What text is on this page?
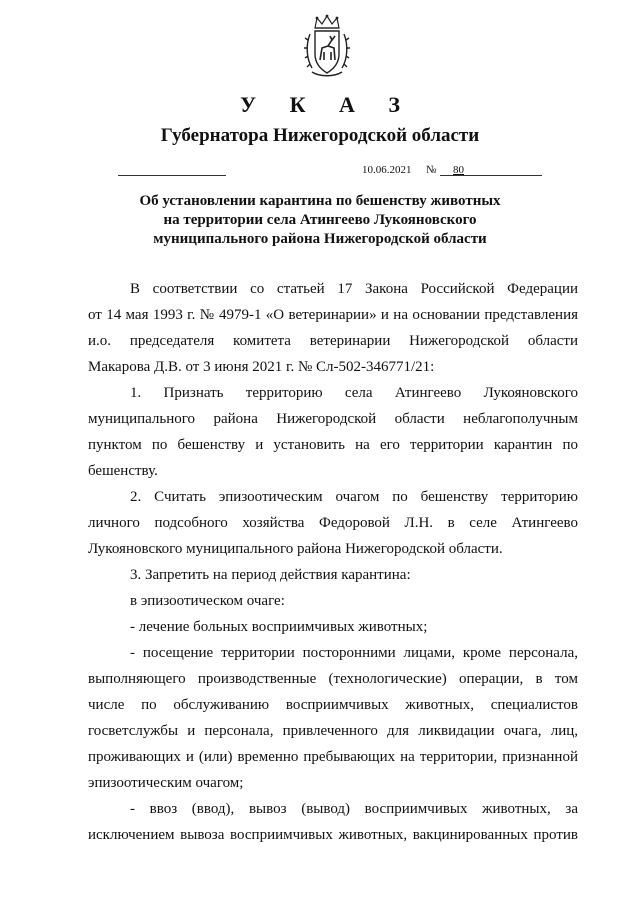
У К А З
Губернатора Нижегородской области
10.06.2021 № 80
Об установлении карантина по бешенству животных
на территории села Атингеево Лукояновского
муниципального района Нижегородской области
В соответствии со статьей 17 Закона Российской Федерации
от 14 мая 1993 г. № 4979-1 «О ветеринарии» и на основании представления
и.о. председателя комитета ветеринарии Нижегородской области
Макарова Д.В. от 3 июня 2021 г. № Сл-502-346771/21:
1. Признать территорию села Атингеево Лукояновского
муниципального района Нижегородской области неблагополучным
пунктом по бешенству и установить на его территории карантин по
бешенству.
2. Считать эпизоотическим очагом по бешенству территорию
личного подсобного хозяйства Федоровой Л.Н. в селе Атингеево
Лукояновского муниципального района Нижегородской области.
3. Запретить на период действия карантина:
в эпизоотическом очаге:
- лечение больных восприимчивых животных;
- посещение территории посторонними лицами, кроме персонала,
выполняющего производственные (технологические) операции, в том
числе по обслуживанию восприимчивых животных, специалистов
госветслужбы и персонала, привлеченного для ликвидации очага, лиц,
проживающих и (или) временно пребывающих на территории, признанной
эпизоотическим очагом;
- ввоз (ввод), вывоз (вывод) восприимчивых животных, за
исключением вывоза восприимчивых животных, вакцинированных против
